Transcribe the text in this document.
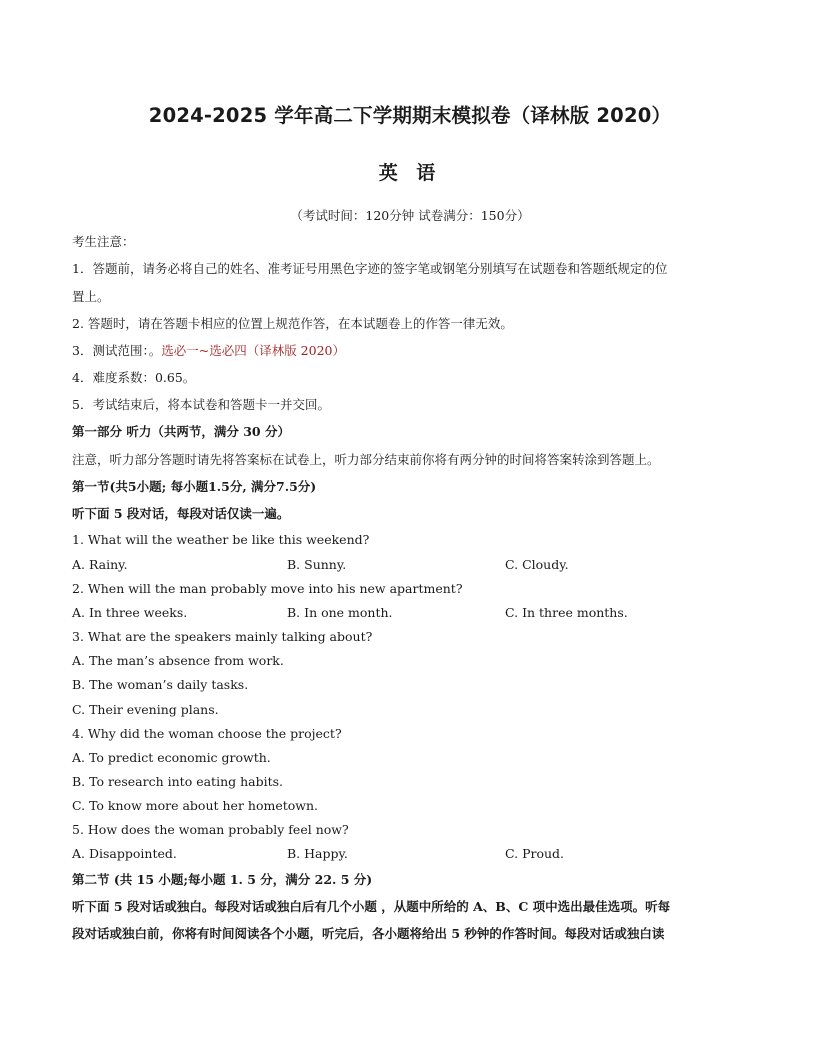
2024-2025 学年高二下学期期末模拟卷（译林版 2020）
英 语
（考试时间：120分钟 试卷满分：150分）
考生注意：
1．答题前，请务必将自己的姓名、准考证号用黑色字迹的签字笔或钢笔分别填写在试题卷和答题纸规定的位
置上。
2. 答题时，请在答题卡相应的位置上规范作答，在本试题卷上的作答一律无效。
3．测试范围：。选必一~选必四（译林版 2020）
4．难度系数：0.65。
5．考试结束后，将本试卷和答题卡一并交回。
第一部分 听力（共两节，满分 30 分）
注意，听力部分答题时请先将答案标在试卷上，听力部分结束前你将有两分钟的时间将答案转涂到答题上。
第一节(共5小题; 每小题1.5分, 满分7.5分)
听下面 5 段对话，每段对话仅读一遍。
1. What will the weather be like this weekend?
A. Rainy.	B. Sunny.	C. Cloudy.
2. When will the man probably move into his new apartment?
A. In three weeks.	B. In one month.	C. In three months.
3. What are the speakers mainly talking about?
A. The man’s absence from work.
B. The woman’s daily tasks.
C. Their evening plans.
4. Why did the woman choose the project?
A. To predict economic growth.
B. To research into eating habits.
C. To know more about her hometown.
5. How does the woman probably feel now?
A. Disappointed.	B. Happy.	C. Proud.
第二节 (共 15 小题;每小题 1. 5 分，满分 22. 5 分)
听下面 5 段对话或独白。每段对话或独白后有几个小题 ，从题中所给的 A、B、C 项中选出最佳选项。听每
段对话或独白前，你将有时间阅读各个小题，听完后，各小题将给出 5 秒钟的作答时间。每段对话或独白读
